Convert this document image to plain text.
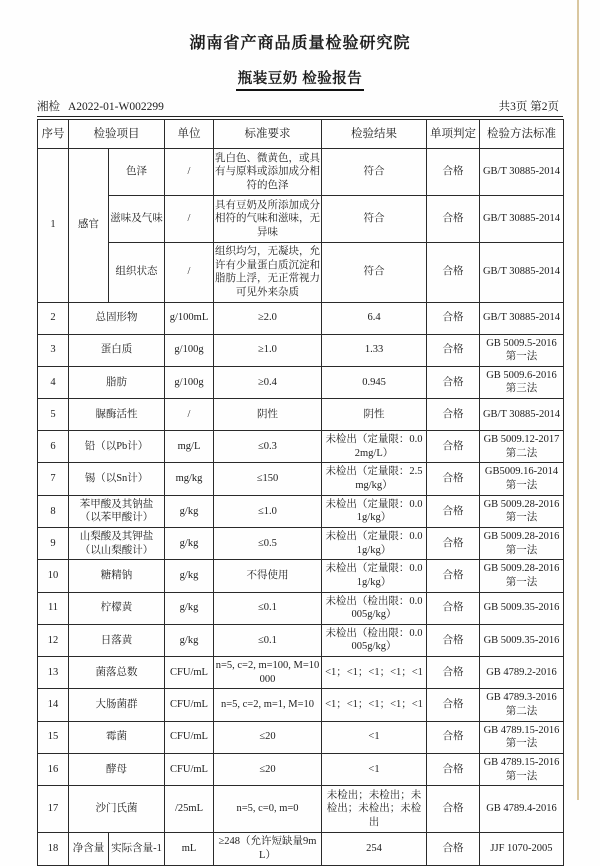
湖南省产商品质量检验研究院
瓶装豆奶 检验报告
湘检 A2022-01-W002299	共3页 第2页
序号	检验项目		单位	标准要求	检验结果	单项判定	检验方法标准
1	感官	色泽	/	乳白色、微黄色，或具有与原料或添加成分相符的色泽	符合	合格	GB/T 30885-2014
		滋味及气味	/	具有豆奶及所添加成分相符的气味和滋味，无异味	符合	合格	GB/T 30885-2014
		组织状态	/	组织均匀，无凝块，允许有少量蛋白质沉淀和脂肪上浮，无正常视力可见外来杂质	符合	合格	GB/T 30885-2014
2	总固形物		g/100mL	≥2.0	6.4	合格	GB/T 30885-2014
3	蛋白质		g/100g	≥1.0	1.33	合格	GB 5009.5-2016第一法
4	脂肪		g/100g	≥0.4	0.945	合格	GB 5009.6-2016第三法
5	脲酶活性		/	阴性	阴性	合格	GB/T 30885-2014
6	铅（以Pb计）		mg/L	≤0.3	未检出（定量限：0.02mg/L）	合格	GB 5009.12-2017 第二法
7	锡（以Sn计）		mg/kg	≤150	未检出（定量限：2.5mg/kg）	合格	GB5009.16-2014第一法
8	苯甲酸及其钠盐（以苯甲酸计）		g/kg	≤1.0	未检出（定量限：0.01g/kg）	合格	GB 5009.28-2016 第一法
9	山梨酸及其钾盐（以山梨酸计）		g/kg	≤0.5	未检出（定量限：0.01g/kg）	合格	GB 5009.28-2016 第一法
10	糖精钠		g/kg	不得使用	未检出（定量限：0.01g/kg）	合格	GB 5009.28-2016 第一法
11	柠檬黄		g/kg	≤0.1	未检出（检出限：0.0005g/kg）	合格	GB 5009.35-2016
12	日落黄		g/kg	≤0.1	未检出（检出限：0.0005g/kg）	合格	GB 5009.35-2016
13	菌落总数		CFU/mL	n=5, c=2, m=100, M=10000	<1；<1；<1；<1；<1	合格	GB 4789.2-2016
14	大肠菌群		CFU/mL	n=5, c=2, m=1, M=10	<1；<1；<1；<1；<1	合格	GB 4789.3-2016第二法
15	霉菌		CFU/mL	≤20	<1	合格	GB 4789.15-2016第一法
16	酵母		CFU/mL	≤20	<1	合格	GB 4789.15-2016第一法
17	沙门氏菌		/25mL	n=5, c=0, m=0	未检出；未检出；未检出；未检出；未检出	合格	GB 4789.4-2016
18	净含量	实际含量-1	mL	≥248（允许短缺量9mL）	254	合格	JJF 1070-2005
